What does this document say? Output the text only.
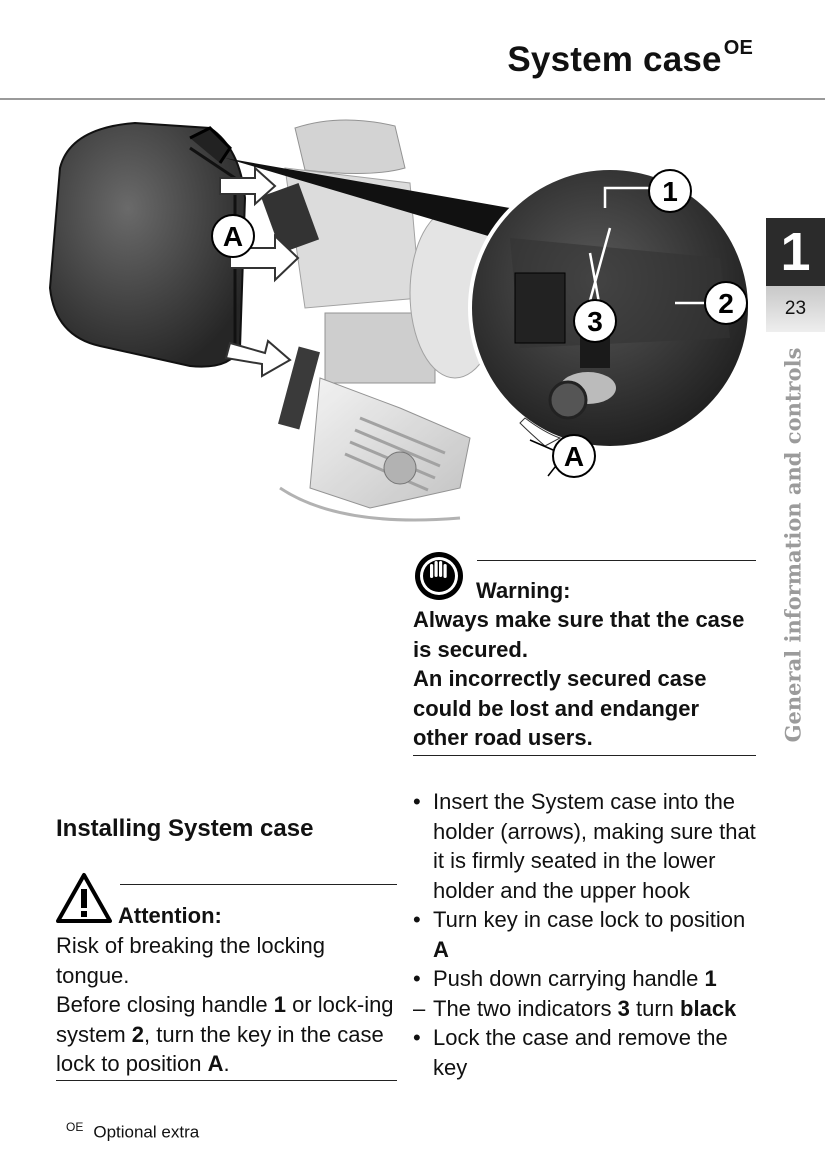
System case $^{OE}$
A
1
2
3
A
1
23
General information and controls
Warning:

Always make sure that the case is secured.

An incorrectly secured case could be lost and endanger other road users.

Installing System case
Attention:

Risk of breaking the locking tongue.

Before closing handle 1 or lock-ing system 2, turn the key in the case lock to position A.

• Insert the System case into the holder (arrows), making sure that it is firmly seated in the lower holder and the upper hook
• Turn key in case lock to position A
• Push down carrying handle 1
– The two indicators 3 turn black
• Lock the case and remove the key
$^{OE}$ Optional extra
